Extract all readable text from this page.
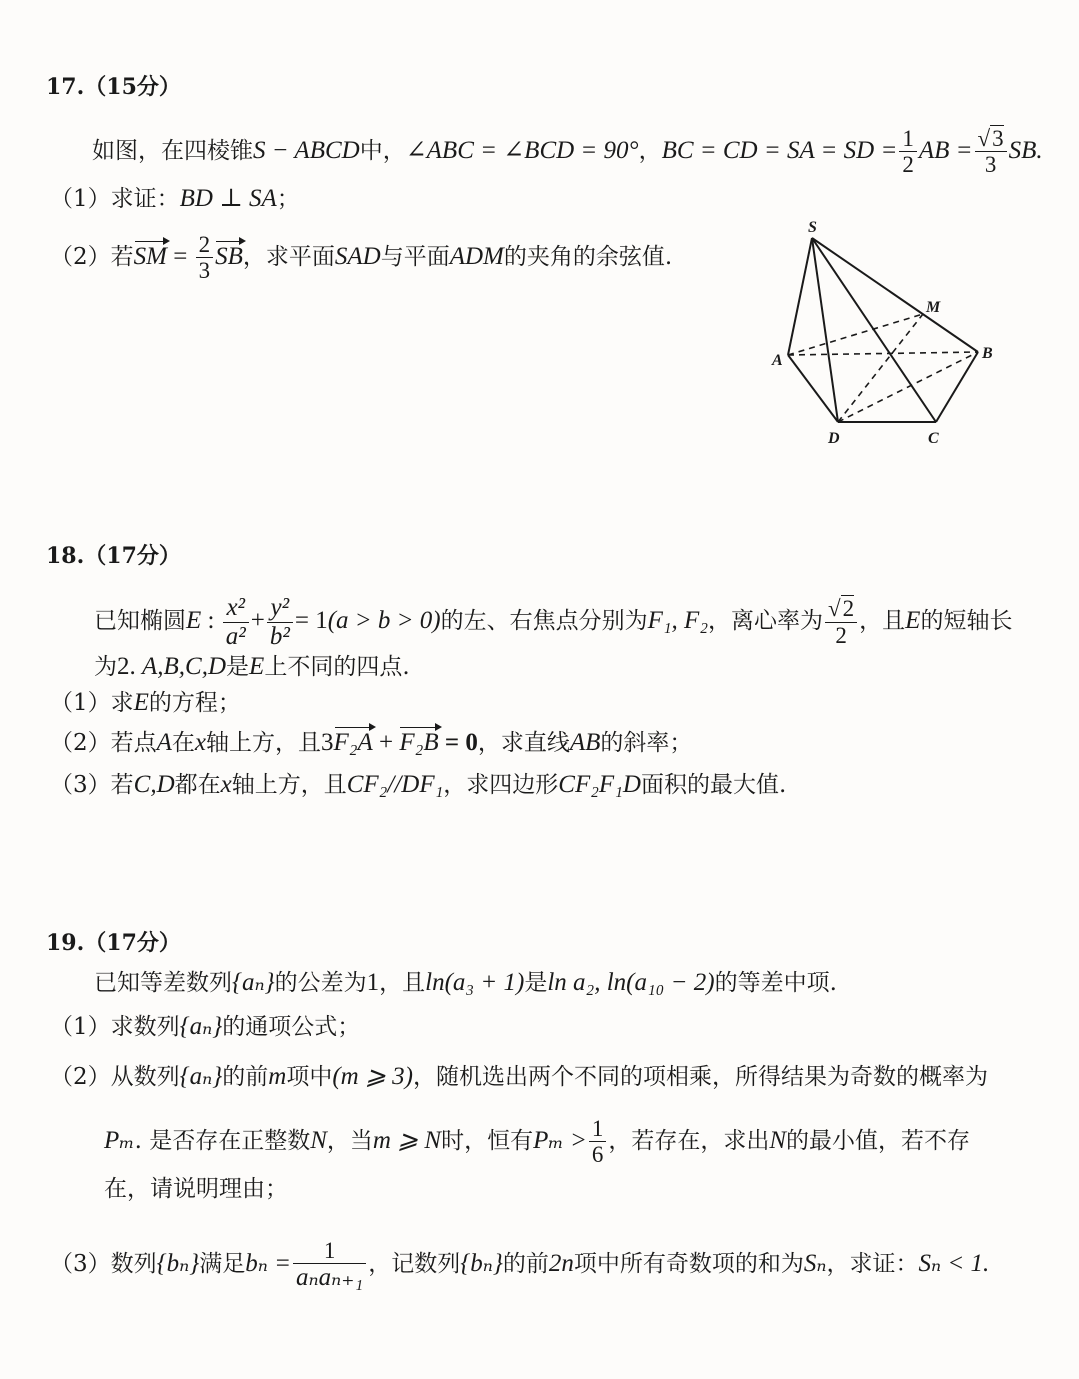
17.（15分）
如图，在四棱锥S − ABCD中，∠ABC = ∠BCD = 90°，BC = CD = SA = SD = $\frac{1}{2}$ AB = $\frac{√3}{3}$ SB.
（1）求证：BD ⊥ SA；
（2）若SM = $\frac{2}{3}$ SB，求平面SAD与平面ADM的夹角的余弦值.
S
M
A	B
D	C
18.（17分）
已知椭圆E : $\frac{\text{x²}}{\text{a²}} + \frac{\text{y²}}{\text{b²}} = 1(a > b > 0)$的左、右焦点分别为F₁, F₂，离心率为 $\frac{√2}{2}$ ，且E的短轴长
为2. A,B,C,D是E上不同的四点.
（1）求E的方程；
（2）若点A在x轴上方，且3F₂A + F₂B = 0，求直线AB的斜率；
（3）若C,D都在x轴上方，且CF₂//DF₁，求四边形CF₂F₁D面积的最大值.
19.（17分）
已知等差数列{aₙ}的公差为1，且ln(a₃ + 1)是ln a₂, ln(a₁₀ − 2)的等差中项.
（1）求数列{aₙ}的通项公式；
（2）从数列{aₙ}的前m项中(m ⩾ 3)，随机选出两个不同的项相乘，所得结果为奇数的概率为
Pₘ. 是否存在正整数N，当m ⩾ N时，恒有$P_m > \frac{1}{6}$ ，若存在，求出N的最小值，若不存
在，请说明理由；
（3）数列{bₙ}满足$b_n = \frac{1}{\text{aₙaₙ₊₁}}$ ，记数列{bₙ}的前2n项中所有奇数项的和为Sₙ，求证：Sₙ < 1.
